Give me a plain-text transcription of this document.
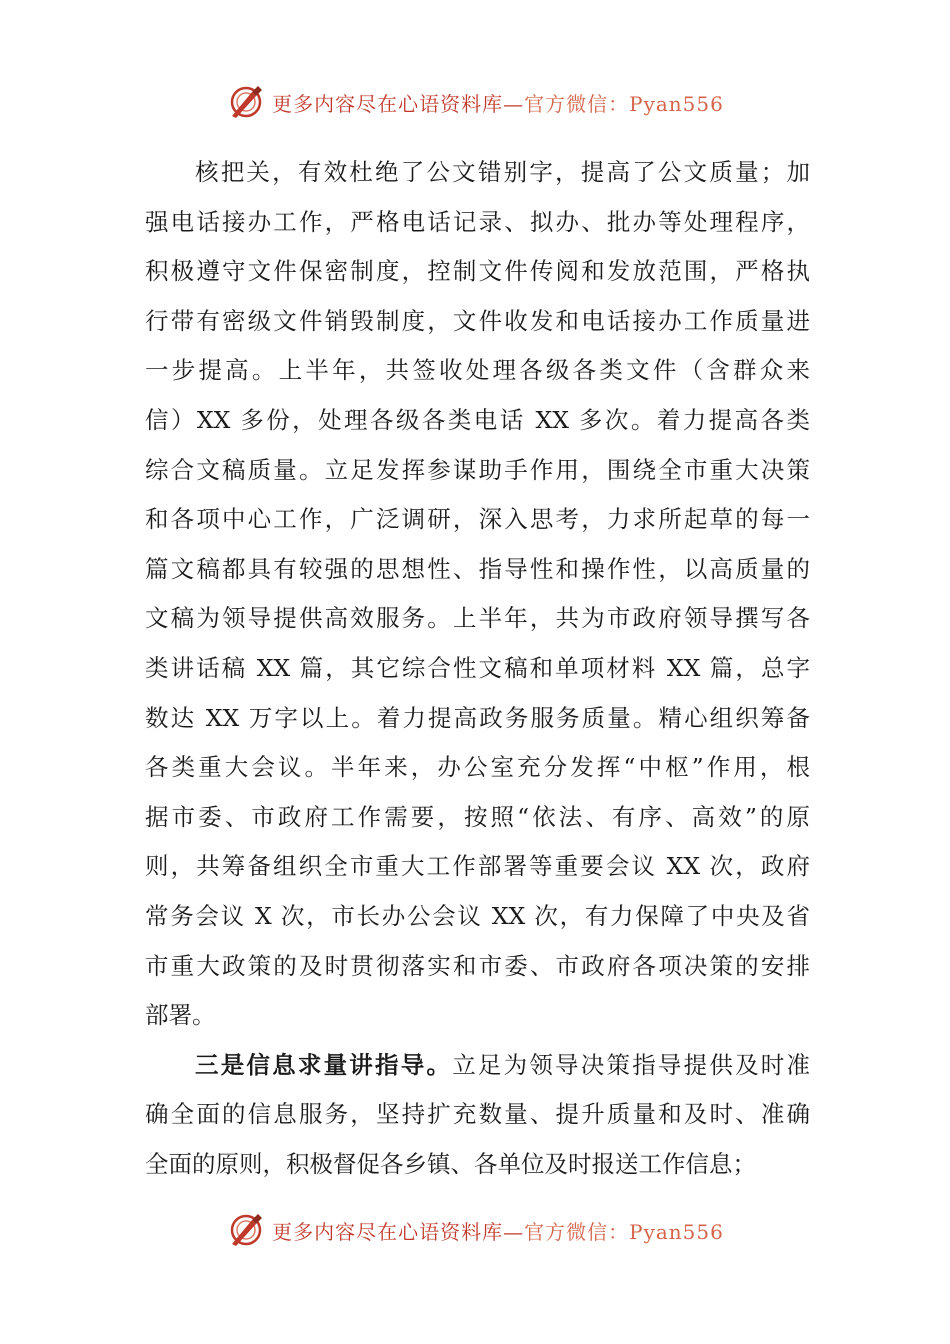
更多内容尽在心语资料库—官方微信：Pyan556
核把关，有效杜绝了公文错别字，提高了公文质量；加
强电话接办工作，严格电话记录、拟办、批办等处理程序，
积极遵守文件保密制度，控制文件传阅和发放范围，严格执
行带有密级文件销毁制度，文件收发和电话接办工作质量进
一步提高。上半年，共签收处理各级各类文件（含群众来
信）XX 多份，处理各级各类电话 XX 多次。着力提高各类
综合文稿质量。立足发挥参谋助手作用，围绕全市重大决策
和各项中心工作，广泛调研，深入思考，力求所起草的每一
篇文稿都具有较强的思想性、指导性和操作性，以高质量的
文稿为领导提供高效服务。上半年，共为市政府领导撰写各
类讲话稿 XX 篇，其它综合性文稿和单项材料 XX 篇，总字
数达 XX 万字以上。着力提高政务服务质量。精心组织筹备
各类重大会议。半年来，办公室充分发挥“中枢”作用，根
据市委、市政府工作需要，按照“依法、有序、高效”的原
则，共筹备组织全市重大工作部署等重要会议 XX 次，政府
常务会议 X 次，市长办公会议 XX 次，有力保障了中央及省
市重大政策的及时贯彻落实和市委、市政府各项决策的安排
部署。
三是信息求量讲指导。立足为领导决策指导提供及时准
确全面的信息服务，坚持扩充数量、提升质量和及时、准确
全面的原则，积极督促各乡镇、各单位及时报送工作信息；
更多内容尽在心语资料库—官方微信：Pyan556
